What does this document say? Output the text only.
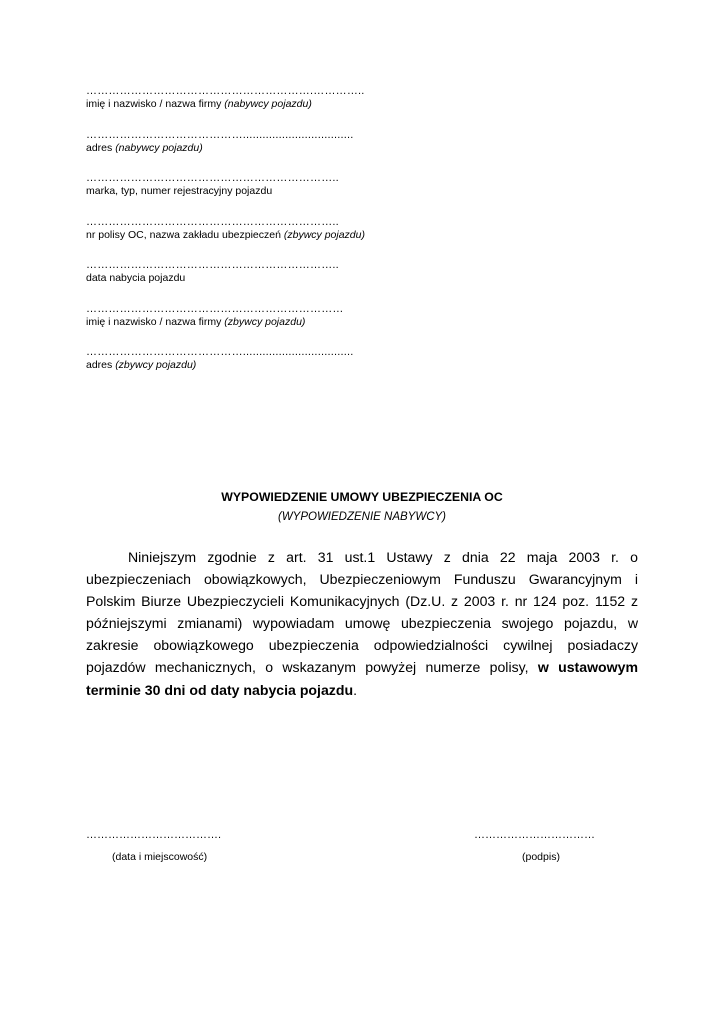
…………………………………………………….…………..
imię i nazwisko / nazwa firmy (nabywcy pojazdu)
……………………………………..................................
adres (nabywcy pojazdu)
…………………………………………………………..
marka, typ, numer rejestracyjny pojazdu
…………………………………………………………..
nr polisy OC, nazwa zakładu ubezpieczeń (zbywcy pojazdu)
…………………………………………………………..
data nabycia pojazdu
……………………………………………………………
imię i nazwisko / nazwa firmy (zbywcy pojazdu)
……………………………………..................................
adres (zbywcy pojazdu)
WYPOWIEDZENIE UMOWY UBEZPIECZENIA OC
(WYPOWIEDZENIE NABYWCY)
Niniejszym zgodnie z art. 31 ust.1 Ustawy z dnia 22 maja 2003 r. o ubezpieczeniach obowiązkowych, Ubezpieczeniowym Funduszu Gwarancyjnym i Polskim Biurze Ubezpieczycieli Komunikacyjnych (Dz.U. z 2003 r. nr 124 poz. 1152 z późniejszymi zmianami) wypowiadam umowę ubezpieczenia swojego pojazdu, w zakresie obowiązkowego ubezpieczenia odpowiedzialności cywilnej posiadaczy pojazdów mechanicznych, o wskazanym powyżej numerze polisy, w ustawowym terminie 30 dni od daty nabycia pojazdu.
……………………………….
(data i miejscowość)
……………………………
(podpis)
